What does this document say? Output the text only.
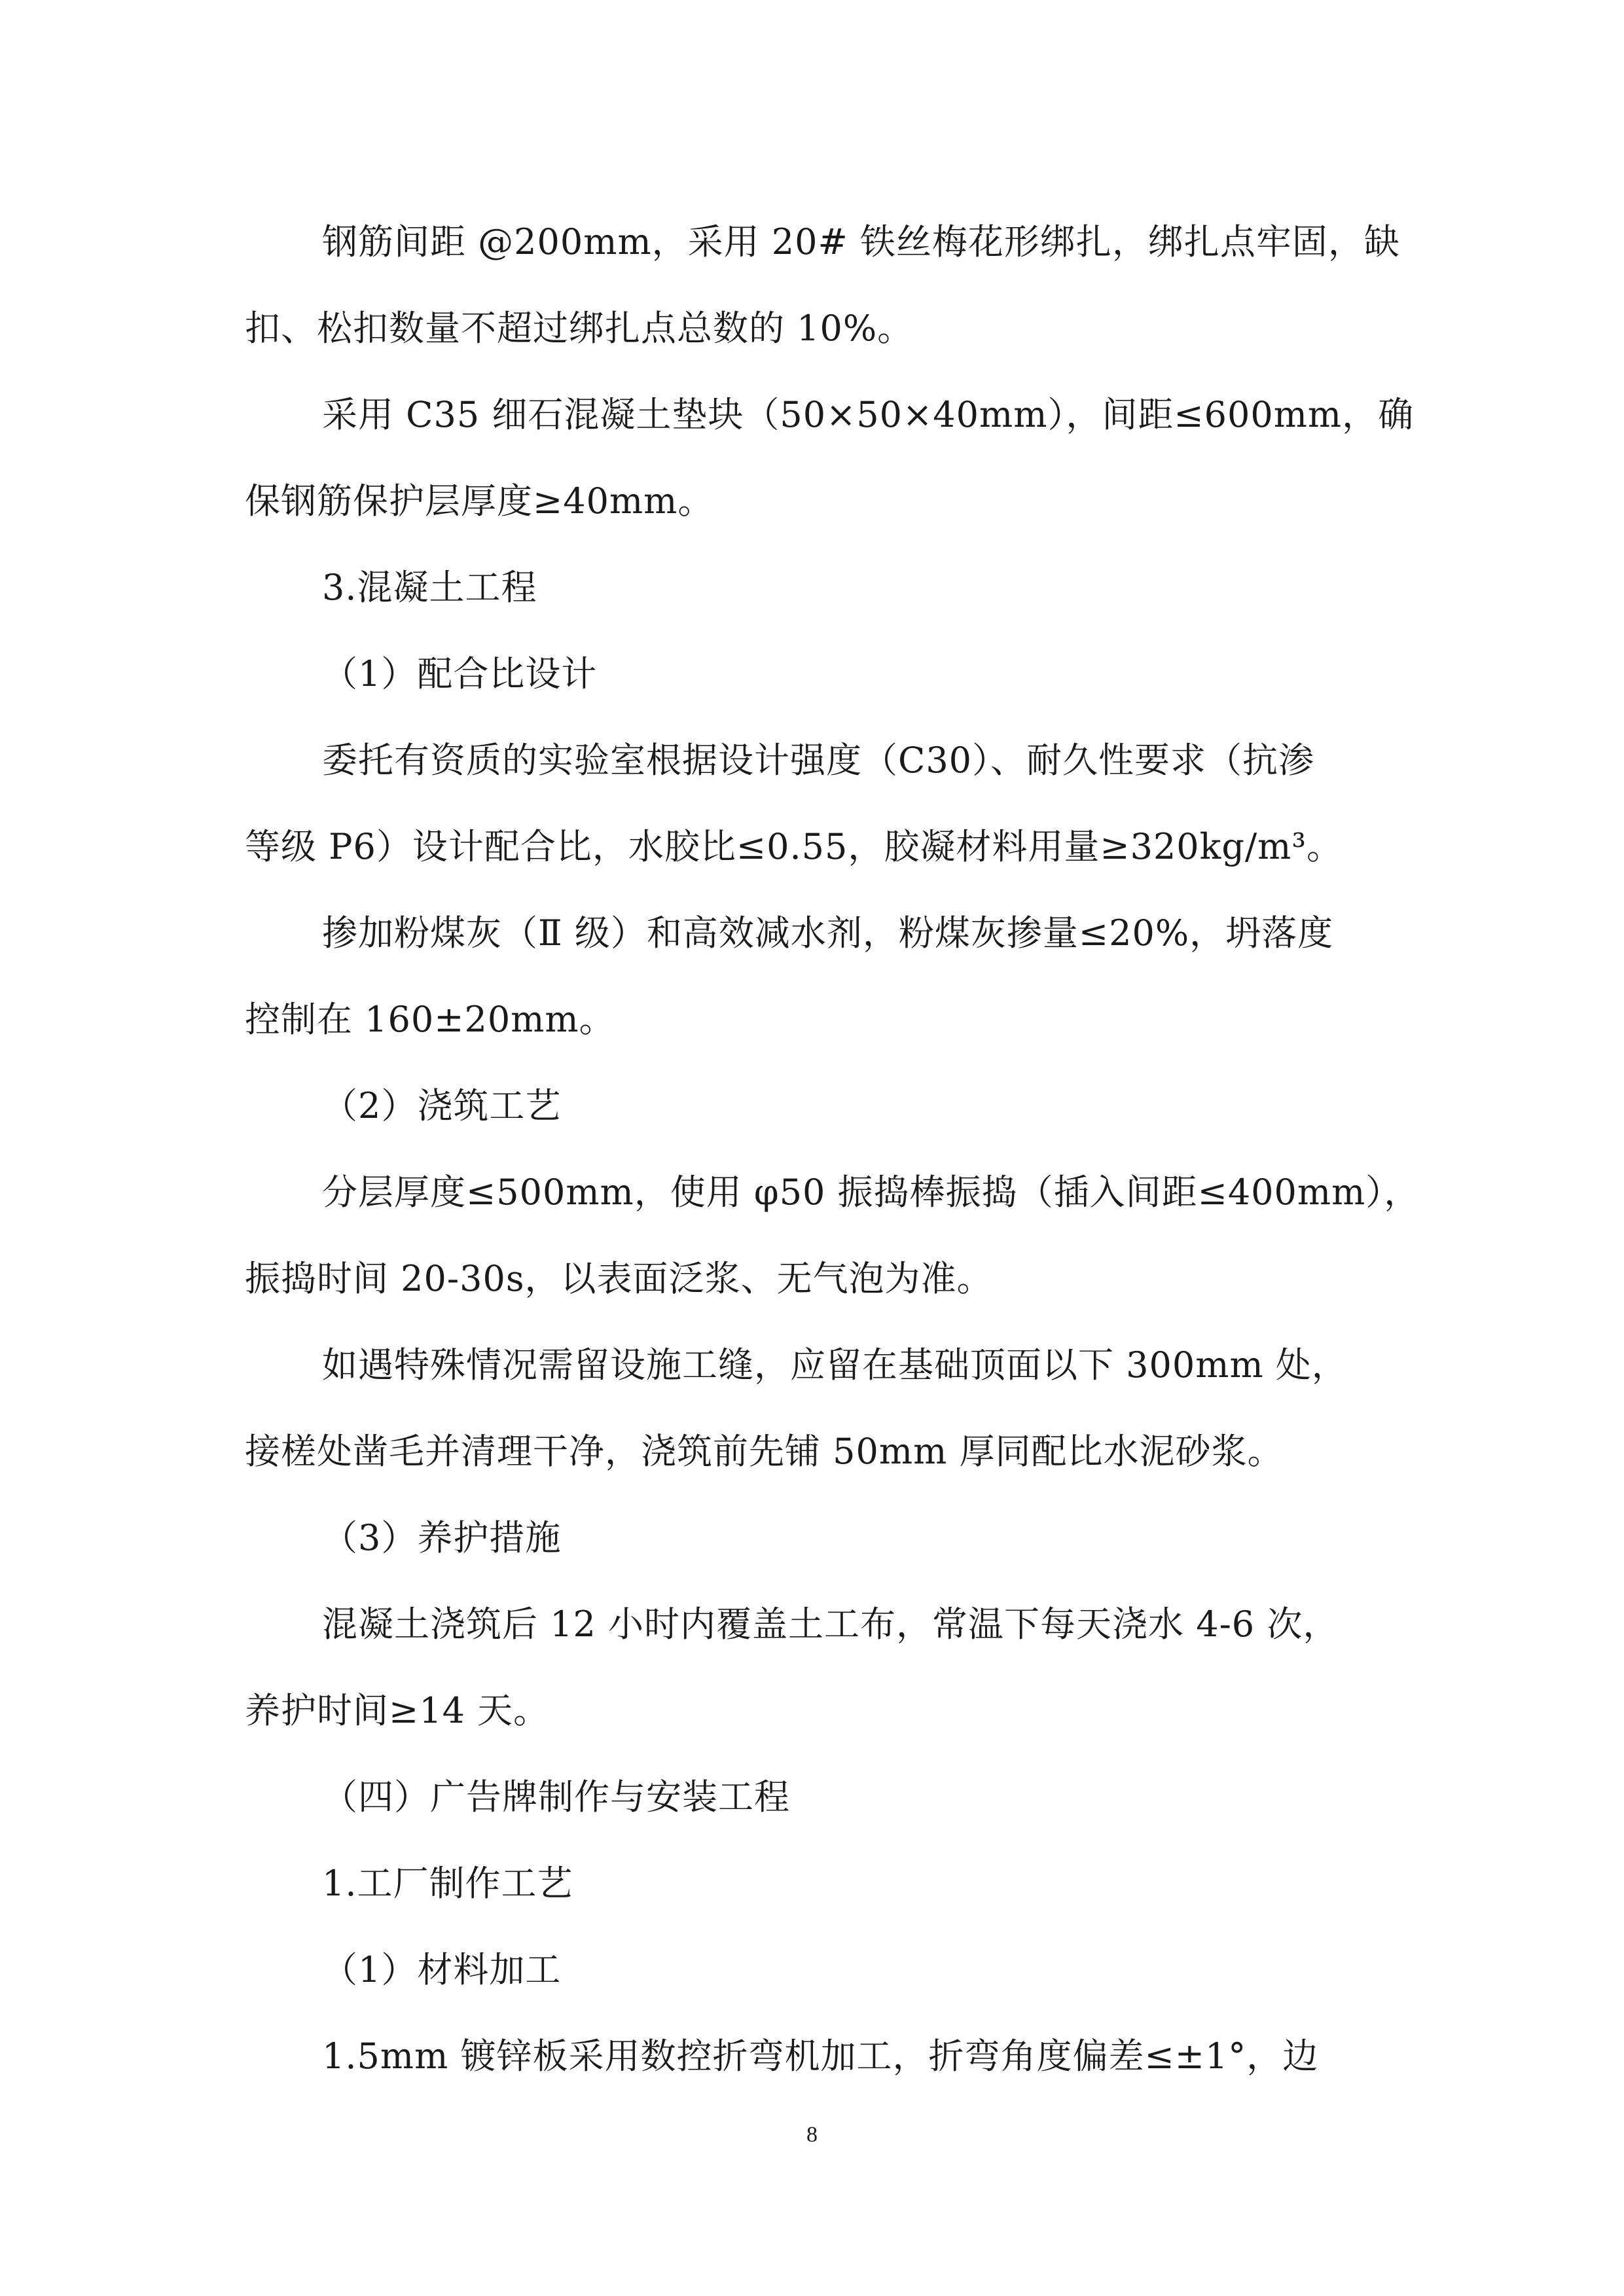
钢筋间距 @200mm，采用 20# 铁丝梅花形绑扎，绑扎点牢固，缺
扣、松扣数量不超过绑扎点总数的 10%。
采用 C35 细石混凝土垫块（50×50×40mm），间距≤600mm，确
保钢筋保护层厚度≥40mm。
3.混凝土工程
（1）配合比设计
委托有资质的实验室根据设计强度（C30）、耐久性要求（抗渗
等级 P6）设计配合比，水胶比≤0.55，胶凝材料用量≥320kg/m³。
掺加粉煤灰（Ⅱ 级）和高效减水剂，粉煤灰掺量≤20%，坍落度
控制在 160±20mm。
（2）浇筑工艺
分层厚度≤500mm，使用 φ50 振捣棒振捣（插入间距≤400mm），
振捣时间 20-30s，以表面泛浆、无气泡为准。
如遇特殊情况需留设施工缝，应留在基础顶面以下 300mm 处，
接槎处凿毛并清理干净，浇筑前先铺 50mm 厚同配比水泥砂浆。
（3）养护措施
混凝土浇筑后 12 小时内覆盖土工布，常温下每天浇水 4-6 次，
养护时间≥14 天。
（四）广告牌制作与安装工程
1.工厂制作工艺
（1）材料加工
1.5mm 镀锌板采用数控折弯机加工，折弯角度偏差≤±1°，边
8
